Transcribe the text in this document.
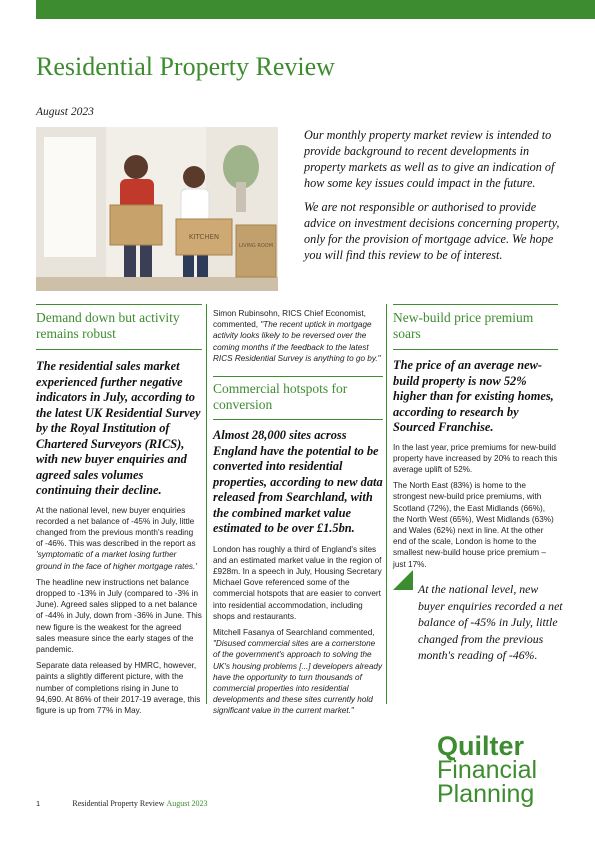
Residential Property Review
August 2023
KITCHEN
LIVING ROOM

Our monthly property market review is intended to provide background to recent developments in property markets as well as to give an indication of how some key issues could impact in the future.

We are not responsible or authorised to provide advice on investment decisions concerning property, only for the provision of mortgage advice. We hope you will find this review to be of interest.

Demand down but activity remains robust
The residential sales market experienced further negative indicators in July, according to the latest UK Residential Survey by the Royal Institution of Chartered Surveyors (RICS), with new buyer enquiries and agreed sales volumes continuing their decline.

At the national level, new buyer enquiries recorded a net balance of -45% in July, little changed from the previous month's reading of -46%. This was described in the report as 'symptomatic of a market losing further ground in the face of higher mortgage rates.'

The headline new instructions net balance dropped to -13% in July (compared to -3% in June). Agreed sales slipped to a net balance of -44% in July, down from -36% in June. This new figure is the weakest for the agreed sales measure since the early stages of the pandemic.

Separate data released by HMRC, however, paints a slightly different picture, with the number of completions rising in June to 94,690. At 86% of their 2017-19 average, this figure is up from 77% in May.

Simon Rubinsohn, RICS Chief Economist, commented, "The recent uptick in mortgage activity looks likely to be reversed over the coming months if the feedback to the latest RICS Residential Survey is anything to go by."

Commercial hotspots for conversion
Almost 28,000 sites across England have the potential to be converted into residential properties, according to new data released from Searchland, with the combined market value estimated to be over £1.5bn.

London has roughly a third of England's sites and an estimated market value in the region of £928m. In a speech in July, Housing Secretary Michael Gove referenced some of the commercial hotspots that are easier to convert into residential accommodation, including shops and restaurants.

Mitchell Fasanya of Searchland commented, "Disused commercial sites are a cornerstone of the government's approach to solving the UK's housing problems [...] developers already have the opportunity to turn thousands of commercial properties into residential developments and these sites currently hold significant value in the current market."

New-build price premium soars
The price of an average new-build property is now 52% higher than for existing homes, according to research by Sourced Franchise.

In the last year, price premiums for new-build property have increased by 20% to reach this average uplift of 52%.

The North East (83%) is home to the strongest new-build price premiums, with Scotland (72%), the East Midlands (66%), the North West (65%), West Midlands (63%) and Wales (62%) next in line. At the other end of the scale, London is home to the smallest new-build house price premium – just 17%.

At the national level, new buyer enquiries recorded a net balance of -45% in July, little changed from the previous month's reading of -46%.
Quilter
Financial
Planning
1	Residential Property Review August 2023
